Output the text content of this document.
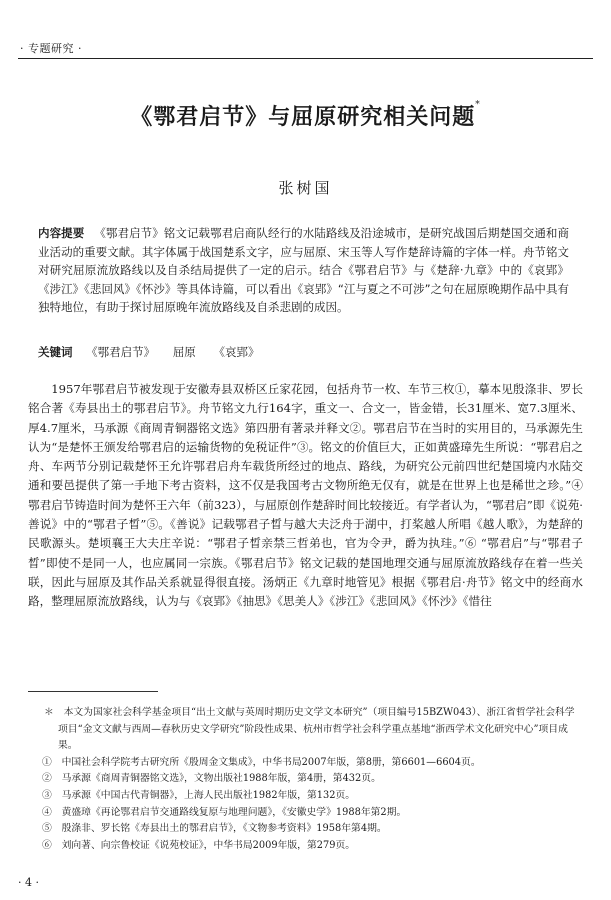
· 专题研究 ·
《鄂君启节》与屈原研究相关问题*
张树国
内容提要 《鄂君启节》铭文记载鄂君启商队经行的水陆路线及沿途城市，是研究战国后期楚国交通和商业活动的重要文献。其字体属于战国楚系文字，应与屈原、宋玉等人写作楚辞诗篇的字体一样。舟节铭文对研究屈原流放路线以及自杀结局提供了一定的启示。结合《鄂君启节》与《楚辞·九章》中的《哀郢》《涉江》《悲回风》《怀沙》等具体诗篇，可以看出《哀郢》“江与夏之不可涉”之句在屈原晚期作品中具有独特地位，有助于探讨屈原晚年流放路线及自杀悲剧的成因。
关键词 《鄂君启节》 屈原 《哀郢》
1957年鄂君启节被发现于安徽寿县双桥区丘家花园，包括舟节一枚、车节三枚①，摹本见殷涤非、罗长铭合著《寿县出土的鄂君启节》。舟节铭文九行164字，重文一、合文一，皆金错，长31厘米、宽7.3厘米、厚4.7厘米，马承源《商周青铜器铭文选》第四册有著录并释文②。鄂君启节在当时的实用目的，马承源先生认为“是楚怀王颁发给鄂君启的运输货物的免税证件”③。铭文的价值巨大，正如黄盛璋先生所说：“鄂君启之舟、车两节分别记载楚怀王允许鄂君启舟车载货所经过的地点、路线，为研究公元前四世纪楚国境内水陆交通和要邑提供了第一手地下考古资料，这不仅是我国考古文物所绝无仅有，就是在世界上也是稀世之珍。”④ 鄂君启节铸造时间为楚怀王六年（前323），与屈原创作楚辞时间比较接近。有学者认为，“鄂君启”即《说苑·善说》中的“鄂君子晳”⑤。《善说》记载鄂君子晳与越大夫泛舟于湖中，打桨越人所唱《越人歌》，为楚辞的民歌源头。楚顷襄王大夫庄辛说：“鄂君子晳亲禁三哲弟也，官为令尹，爵为执珪。”⑥ “鄂君启”与“鄂君子晳”即使不是同一人，也应属同一宗族。《鄂君启节》铭文记载的楚国地理交通与屈原流放路线存在着一些关联，因此与屈原及其作品关系就显得很直接。汤炳正《九章时地管见》根据《鄂君启·舟节》铭文中的经商水路，整理屈原流放路线，认为与《哀郢》《抽思》《思美人》《涉江》《悲回风》《怀沙》《惜往
＊　本文为国家社会科学基金项目“出土文献与英周时期历史文学文本研究”（项目编号15BZW043）、浙江省哲学社会科学项目“金文文献与西周—春秋历史文学研究”阶段性成果、杭州市哲学社会科学重点基地“浙西学术文化研究中心”项目成果。
①　中国社会科学院考古研究所《殷周金文集成》，中华书局2007年版，第8册，第6601—6604页。
②　马承源《商周青铜器铭文选》，文物出版社1988年版，第4册，第432页。
③　马承源《中国古代青铜器》，上海人民出版社1982年版，第132页。
④　黄盛璋《再论鄂君启节交通路线复原与地理问题》，《安徽史学》1988年第2期。
⑤　殷涤非、罗长铭《寿县出土的鄂君启节》，《文物参考资料》1958年第4期。
⑥　刘向著、向宗鲁校证《说苑校证》，中华书局2009年版，第279页。
· 4 ·
